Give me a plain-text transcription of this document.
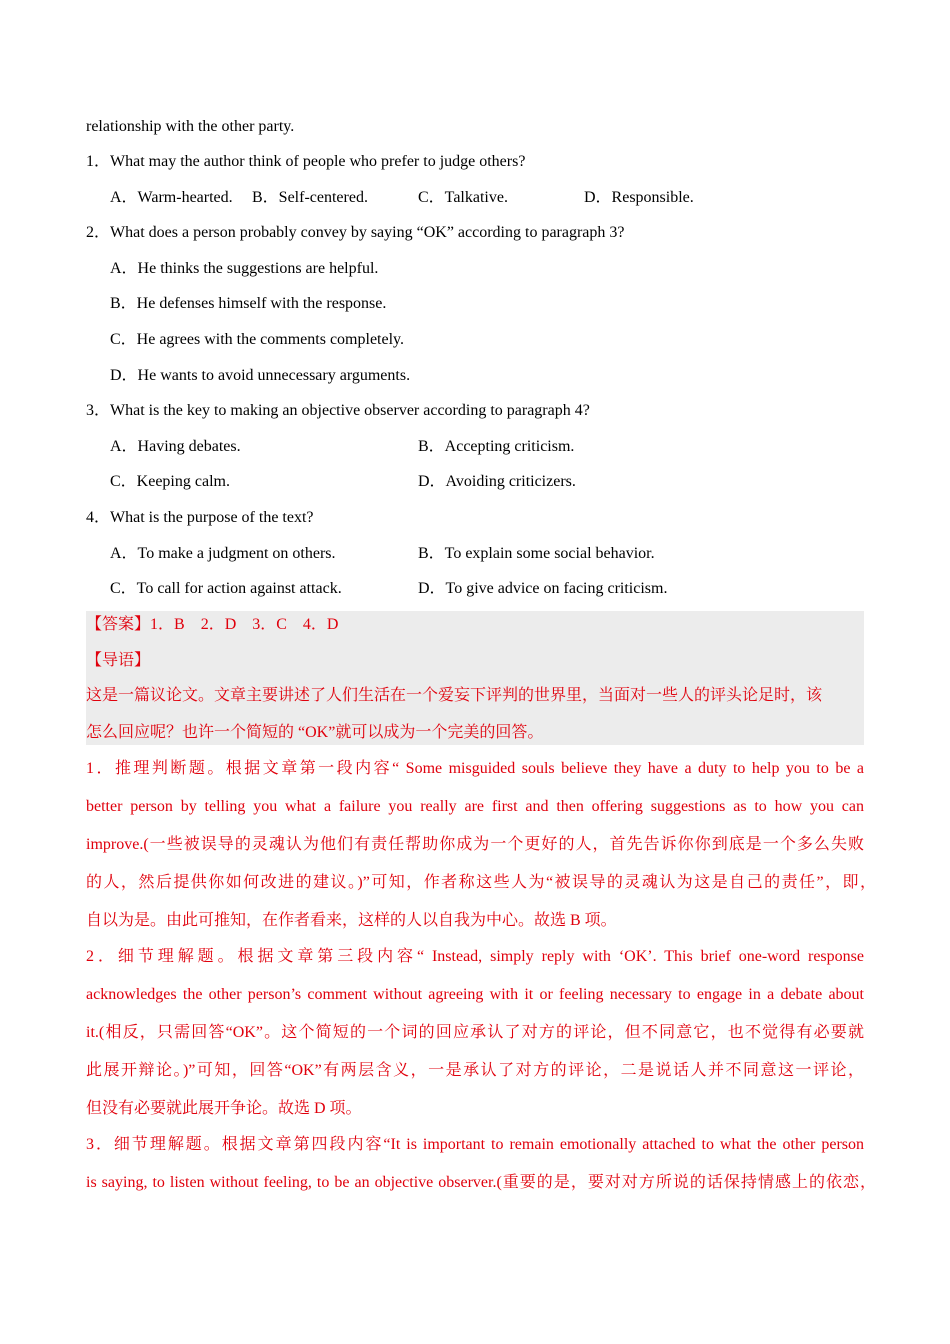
relationship with the other party.
1．What may the author think of people who prefer to judge others?
A．Warm-hearted. B．Self-centered.	C．Talkative.	D．Responsible.
2．What does a person probably convey by saying “OK” according to paragraph 3?
A．He thinks the suggestions are helpful.
B．He defenses himself with the response.
C．He agrees with the comments completely.
D．He wants to avoid unnecessary arguments.
3．What is the key to making an objective observer according to paragraph 4?
A．Having debates.	B．Accepting criticism.
C．Keeping calm.	D．Avoiding criticizers.
4．What is the purpose of the text?
A．To make a judgment on others.	B．To explain some social behavior.
C．To call for action against attack.	D．To give advice on facing criticism.
【答案】1．B　2．D　3．C　4．D
【导语】
这是一篇议论文。文章主要讲述了人们生活在一个爱妄下评判的世界里，当面对一些人的评头论足时，该
怎么回应呢？也许一个简短的 “OK”就可以成为一个完美的回答。
1．推理判断题。根据文章第一段内容“ Some misguided souls believe they have a duty to help you to be a
better person by telling you what a failure you really are first and then offering suggestions as to how you can
improve.(一些被误导的灵魂认为他们有责任帮助你成为一个更好的人，首先告诉你你到底是一个多么失败
的人，然后提供你如何改进的建议。)”可知，作者称这些人为“被误导的灵魂认为这是自己的责任”，即，
自以为是。由此可推知，在作者看来，这样的人以自我为中心。故选 B 项。
2．细节理解题。根据文章第三段内容“ Instead, simply reply with ‘OK’. This brief one-word response
acknowledges the other person’s comment without agreeing with it or feeling necessary to engage in a debate about
it.(相反，只需回答“OK”。这个简短的一个词的回应承认了对方的评论，但不同意它，也不觉得有必要就
此展开辩论。)”可知，回答“OK”有两层含义，一是承认了对方的评论，二是说话人并不同意这一评论，
但没有必要就此展开争论。故选 D 项。
3．细节理解题。根据文章第四段内容“It is important to remain emotionally attached to what the other person
is saying, to listen without feeling, to be an objective observer.(重要的是，要对对方所说的话保持情感上的依恋，
